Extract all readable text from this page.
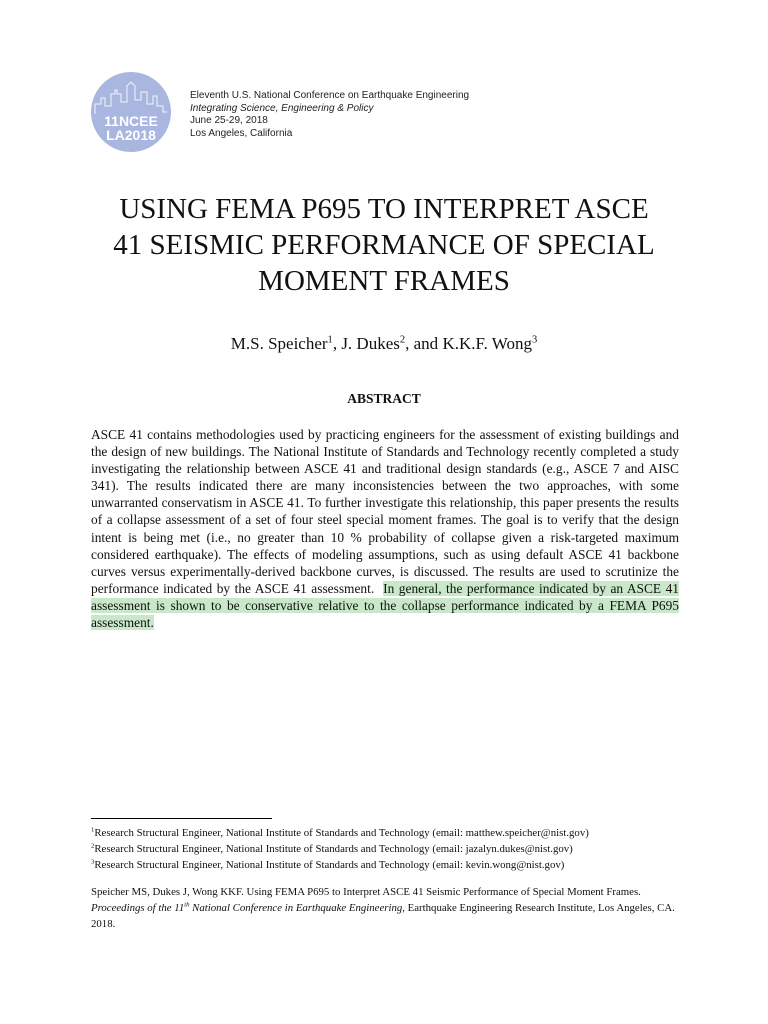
11NCEE
LA2018
Eleventh U.S. National Conference on Earthquake Engineering
Integrating Science, Engineering & Policy
June 25-29, 2018
Los Angeles, California
USING FEMA P695 TO INTERPRET ASCE
41 SEISMIC PERFORMANCE OF SPECIAL
MOMENT FRAMES
M.S. Speicher$^1$, J. Dukes$^2$, and K.K.F. Wong$^3$
ABSTRACT
ASCE 41 contains methodologies used by practicing engineers for the assessment of existing buildings and the design of new buildings. The National Institute of Standards and Technology recently completed a study investigating the relationship between ASCE 41 and traditional design standards (e.g., ASCE 7 and AISC 341). The results indicated there are many inconsistencies between the two approaches, with some unwarranted conservatism in ASCE 41. To further investigate this relationship, this paper presents the results of a collapse assessment of a set of four steel special moment frames. The goal is to verify that the design intent is being met (i.e., no greater than 10 % probability of collapse given a risk-targeted maximum considered earthquake). The effects of modeling assumptions, such as using default ASCE 41 backbone curves versus experimentally-derived backbone curves, is discussed. The results are used to scrutinize the performance indicated by the ASCE 41 assessment. In general, the performance indicated by an ASCE 41 assessment is shown to be conservative relative to the collapse performance indicated by a FEMA P695 assessment.
$^1$Research Structural Engineer, National Institute of Standards and Technology (email: matthew.speicher@nist.gov)
$^2$Research Structural Engineer, National Institute of Standards and Technology (email: jazalyn.dukes@nist.gov)
$^3$Research Structural Engineer, National Institute of Standards and Technology (email: kevin.wong@nist.gov)
Speicher MS, Dukes J, Wong KKF. Using FEMA P695 to Interpret ASCE 41 Seismic Performance of Special Moment Frames. Proceedings of the 11th National Conference in Earthquake Engineering, Earthquake Engineering Research Institute, Los Angeles, CA. 2018.
